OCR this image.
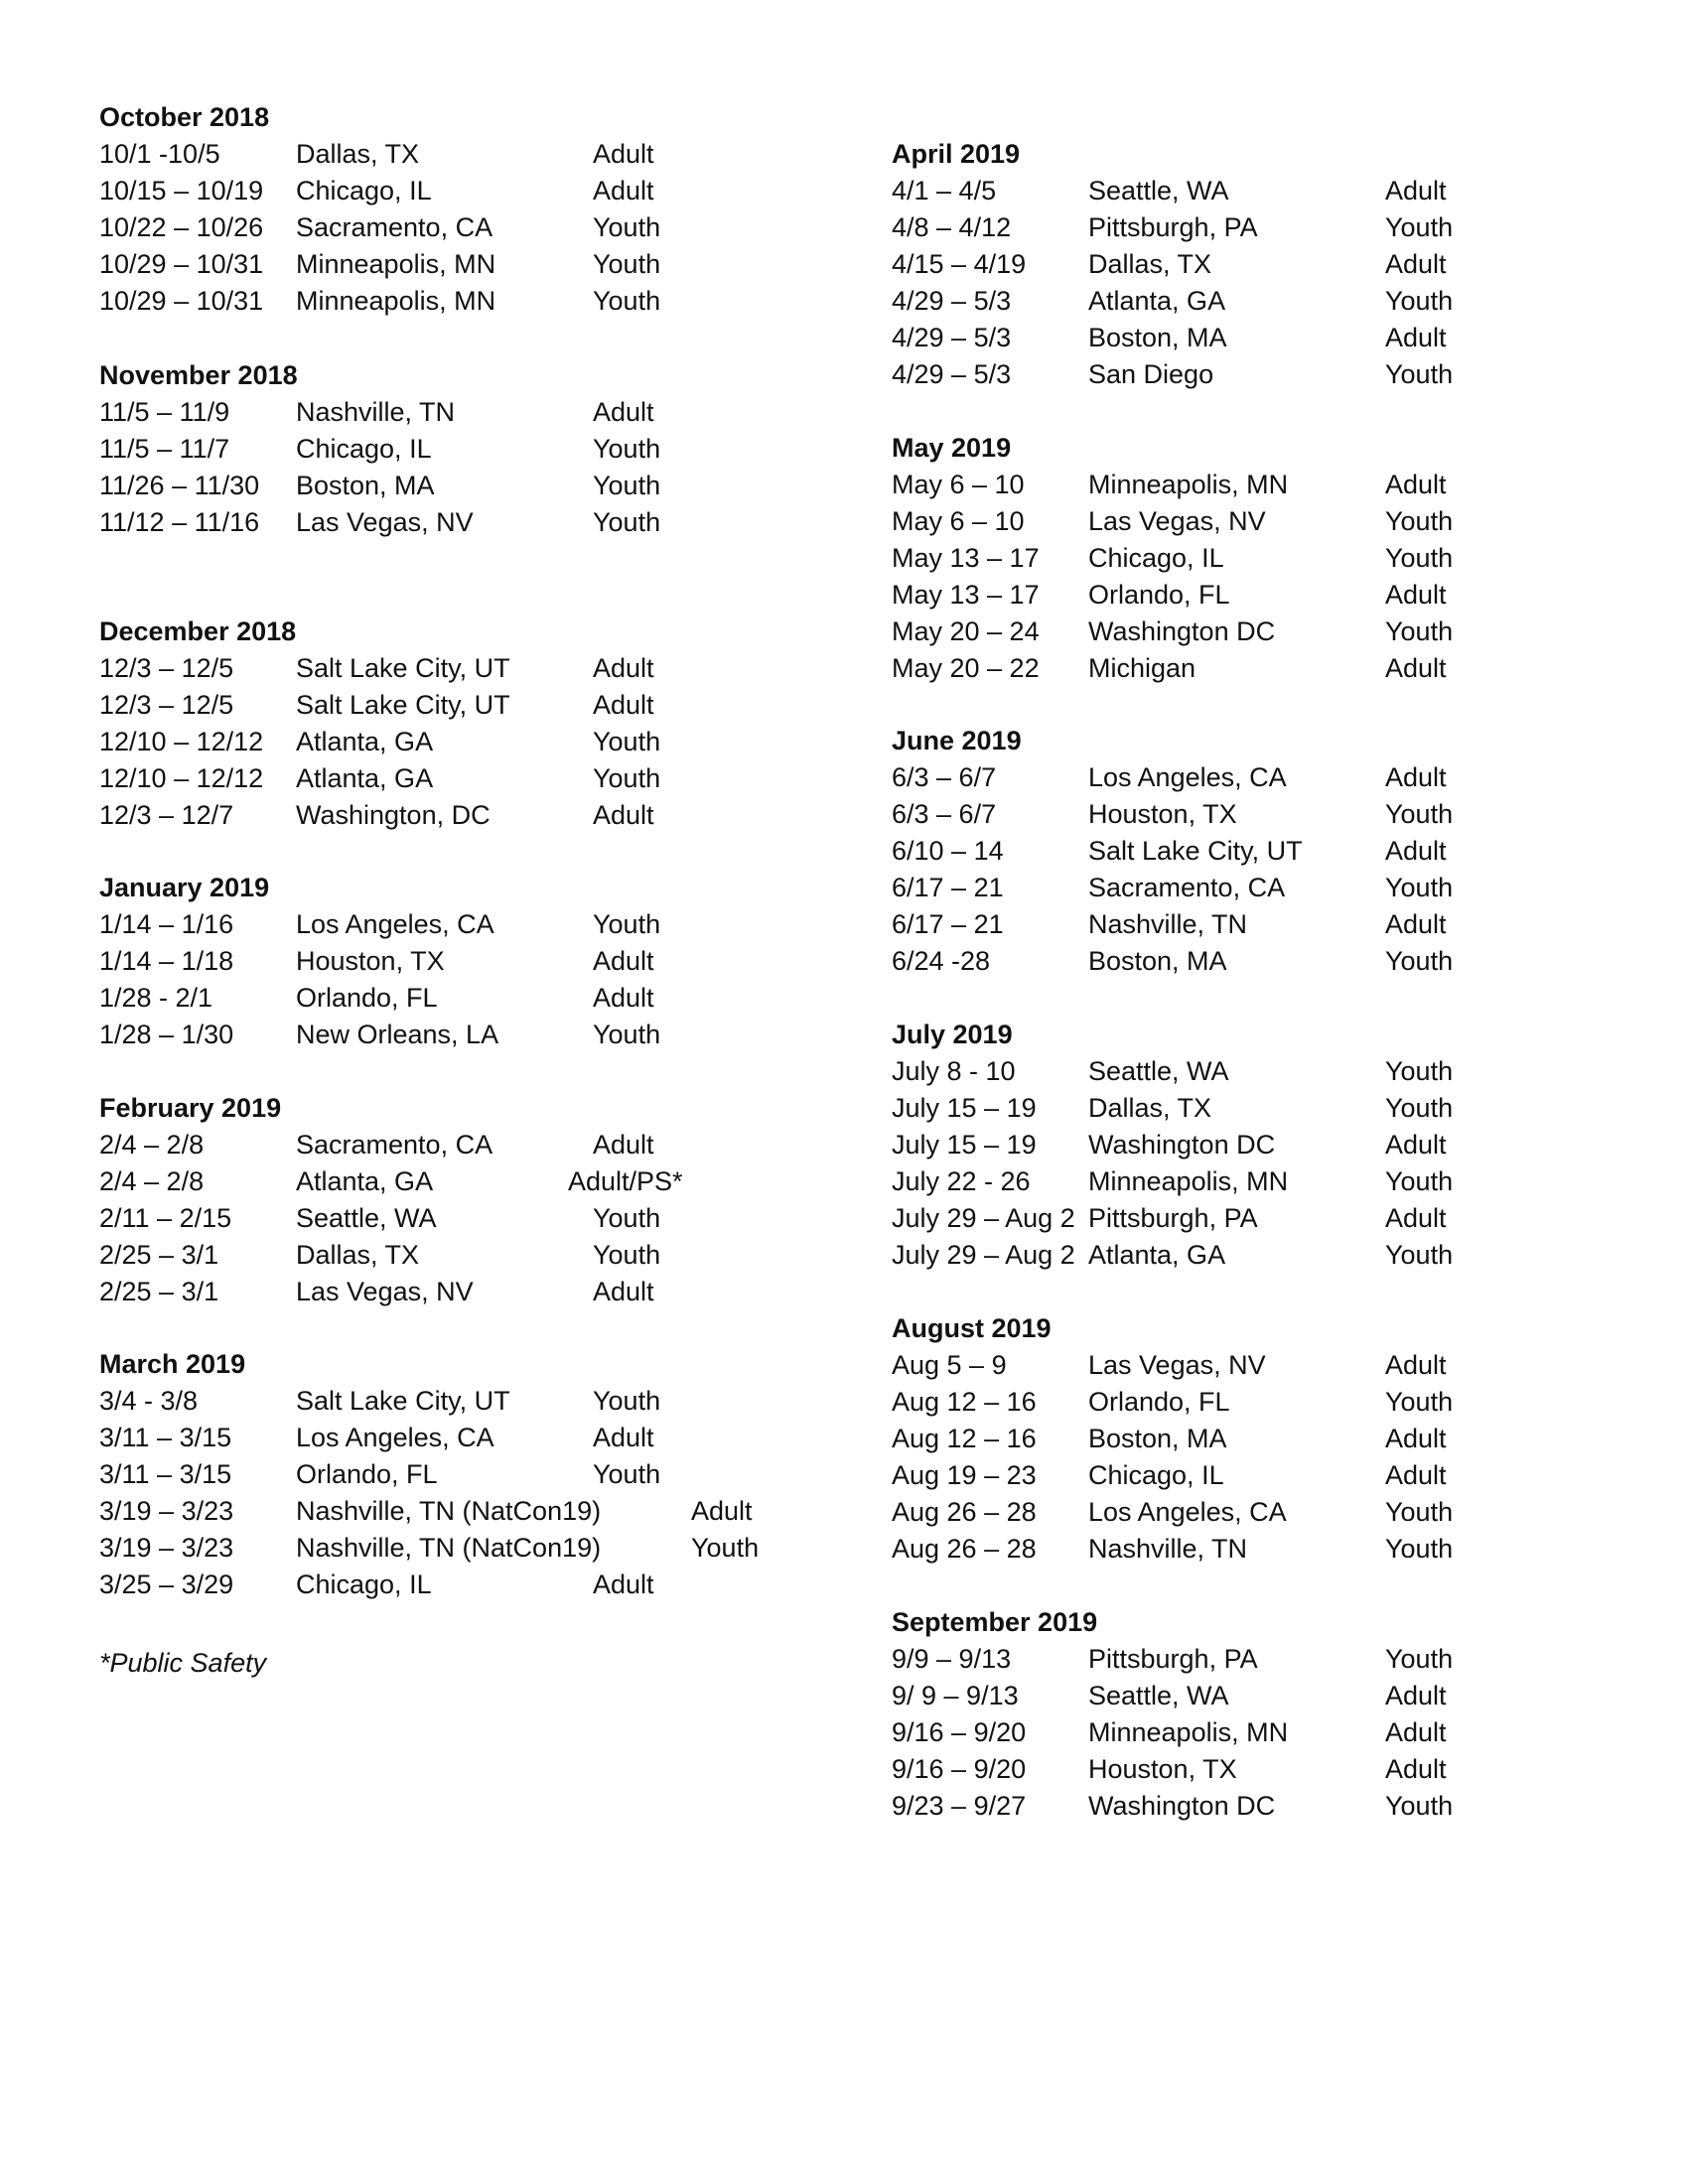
October 2018
10/1 -10/5	Dallas, TX	Adult
10/15 – 10/19 Chicago, IL	Adult
10/22 – 10/26 Sacramento, CA	Youth
10/29 – 10/31 Minneapolis, MN	Youth
10/29 – 10/31 Minneapolis, MN	Youth
November 2018
11/5 – 11/9 Nashville, TN	Adult
11/5 – 11/7 Chicago, IL	Youth
11/26 – 11/30 Boston, MA	Youth
11/12 – 11/16 Las Vegas, NV	Youth
December 2018
12/3 – 12/5 Salt Lake City, UT	Adult
12/3 – 12/5 Salt Lake City, UT	Adult
12/10 – 12/12 Atlanta, GA	Youth
12/10 – 12/12 Atlanta, GA	Youth
12/3 – 12/7 Washington, DC	Adult
January 2019
1/14 – 1/16 Los Angeles, CA	Youth
1/14 – 1/18 Houston, TX	Adult
1/28 - 2/1	Orlando, FL	Adult
1/28 – 1/30 New Orleans, LA	Youth
February 2019
2/4 – 2/8	Sacramento, CA	Adult
2/4 – 2/8	Atlanta, GA	Adult/PS*
2/11 – 2/15 Seattle, WA	Youth
2/25 – 3/1	Dallas, TX	Youth
2/25 – 3/1	Las Vegas, NV	Adult
March 2019
3/4 - 3/8	Salt Lake City, UT	Youth
3/11 – 3/15 Los Angeles, CA	Adult
3/11 – 3/15 Orlando, FL	Youth
3/19 – 3/23 Nashville, TN (NatCon19)	Adult
3/19 – 3/23 Nashville, TN (NatCon19)	Youth
3/25 – 3/29 Chicago, IL	Adult
April 2019
4/1 – 4/5	Seattle, WA	Adult
4/8 – 4/12	Pittsburgh, PA	Youth
4/15 – 4/19 Dallas, TX	Adult
4/29 – 5/3	Atlanta, GA	Youth
4/29 – 5/3	Boston, MA	Adult
4/29 – 5/3	San Diego	Youth
May 2019
May 6 – 10 Minneapolis, MN	Adult
May 6 – 10 Las Vegas, NV	Youth
May 13 – 17 Chicago, IL	Youth
May 13 – 17 Orlando, FL	Adult
May 20 – 24 Washington DC	Youth
May 20 – 22 Michigan	Adult
June 2019
6/3 – 6/7	Los Angeles, CA	Adult
6/3 – 6/7	Houston, TX	Youth
6/10 – 14	Salt Lake City, UT	Adult
6/17 – 21	Sacramento, CA	Youth
6/17 – 21	Nashville, TN	Adult
6/24 -28	Boston, MA	Youth
July 2019
July 8 - 10	Seattle, WA	Youth
July 15 – 19 Dallas, TX	Youth
July 15 – 19 Washington DC	Adult
July 22 - 26 Minneapolis, MN	Youth
July 29 – Aug 2 Pittsburgh, PA	Adult
July 29 – Aug 2 Atlanta, GA	Youth
August 2019
Aug 5 – 9	Las Vegas, NV	Adult
Aug 12 – 16 Orlando, FL	Youth
Aug 12 – 16 Boston, MA	Adult
Aug 19 – 23 Chicago, IL	Adult
Aug 26 – 28 Los Angeles, CA	Youth
Aug 26 – 28 Nashville, TN	Youth
September 2019
9/9 – 9/13	Pittsburgh, PA	Youth
9/ 9 – 9/13	Seattle, WA	Adult
9/16 – 9/20 Minneapolis, MN	Adult
9/16 – 9/20 Houston, TX	Adult
9/23 – 9/27 Washington DC	Youth
*Public Safety
